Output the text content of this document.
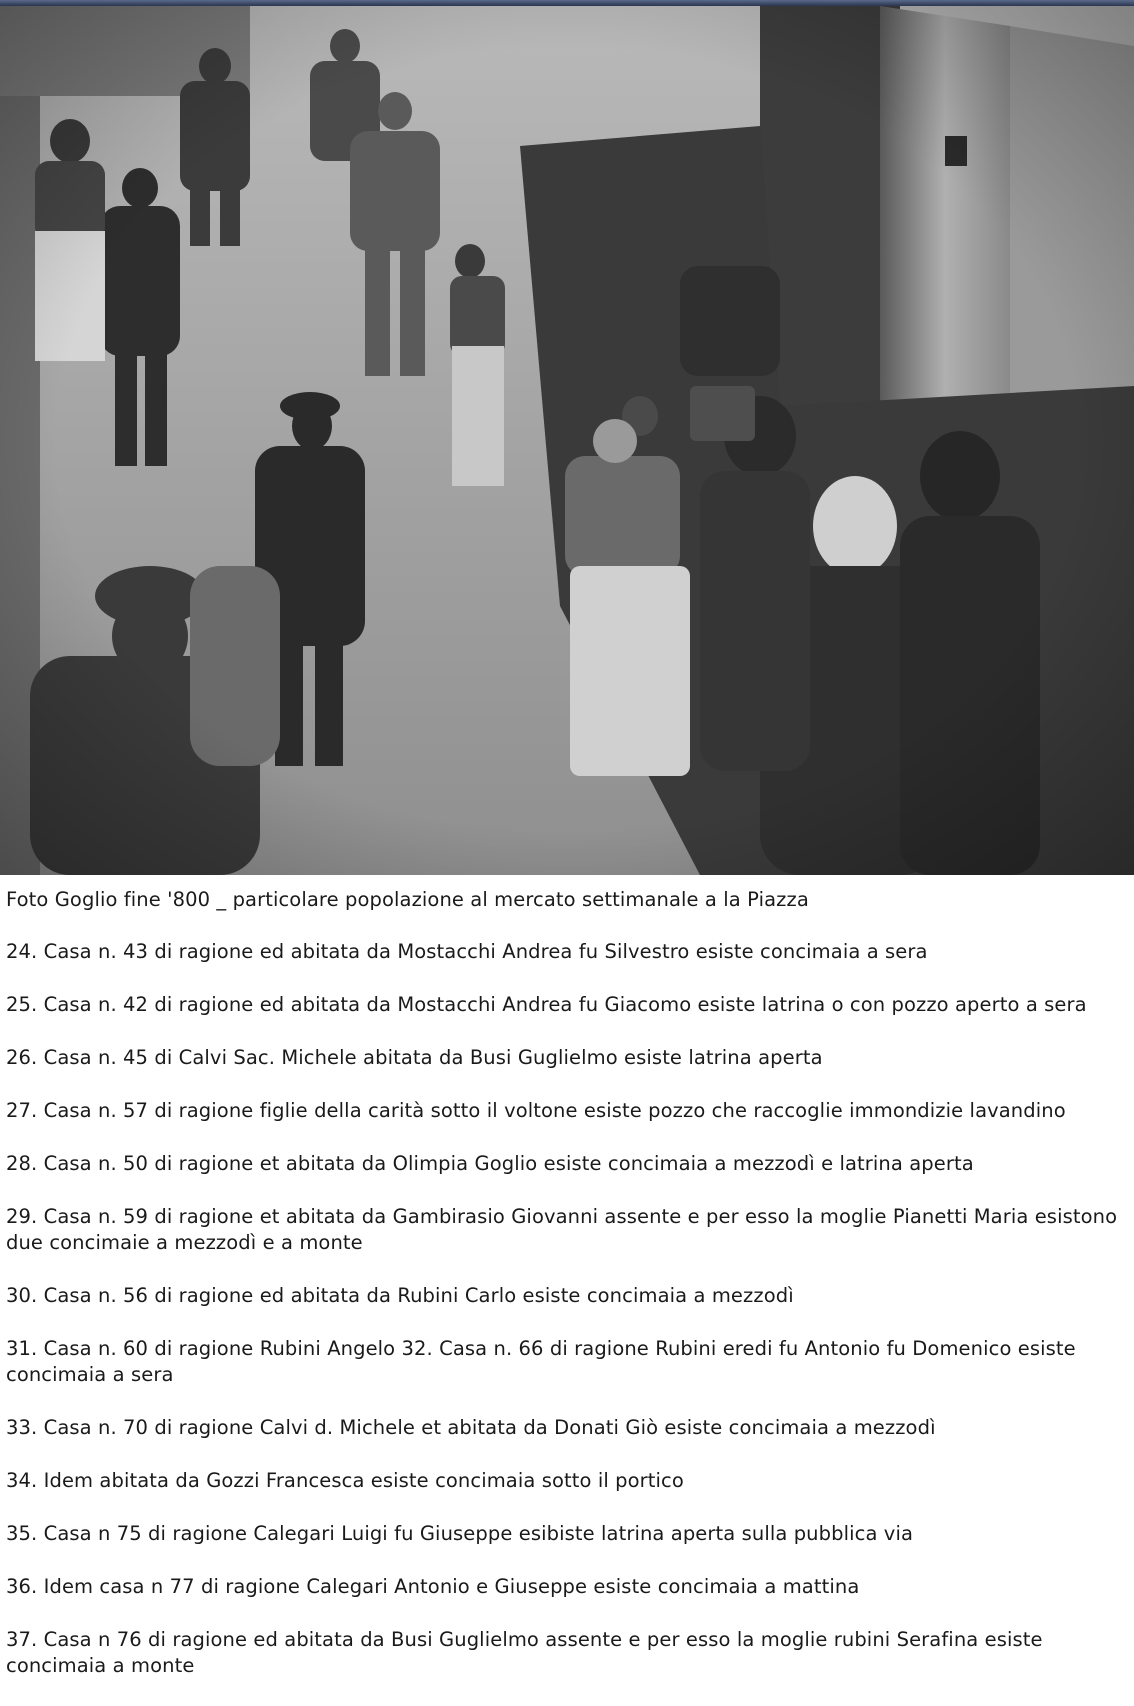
Foto Goglio fine '800 _ particolare popolazione al mercato settimanale a la Piazza
24. Casa n. 43 di ragione ed abitata da Mostacchi Andrea fu Silvestro esiste concimaia a sera
25. Casa n. 42 di ragione ed abitata da Mostacchi Andrea fu Giacomo esiste latrina o con pozzo aperto a sera
26. Casa n. 45 di Calvi Sac. Michele abitata da Busi Guglielmo esiste latrina aperta
27. Casa n. 57 di ragione figlie della carità sotto il voltone esiste pozzo che raccoglie immondizie lavandino
28. Casa n. 50 di ragione et abitata da Olimpia Goglio esiste concimaia a mezzodì e latrina aperta
29. Casa n. 59 di ragione et abitata da Gambirasio Giovanni assente e per esso la moglie Pianetti Maria esistono due concimaie a mezzodì e a monte
30. Casa n. 56 di ragione ed abitata da Rubini Carlo esiste concimaia a mezzodì
31. Casa n. 60 di ragione Rubini Angelo 32. Casa n. 66 di ragione Rubini eredi fu Antonio fu Domenico esiste concimaia a sera
33. Casa n. 70 di ragione Calvi d. Michele et abitata da Donati Giò esiste concimaia a mezzodì
34. Idem abitata da Gozzi Francesca esiste concimaia sotto il portico
35. Casa n 75 di ragione Calegari Luigi fu Giuseppe esibiste latrina aperta sulla pubblica via
36. Idem casa n 77 di ragione Calegari Antonio e Giuseppe esiste concimaia a mattina
37. Casa n 76 di ragione ed abitata da Busi Guglielmo assente e per esso la moglie rubini Serafina esiste concimaia a monte
